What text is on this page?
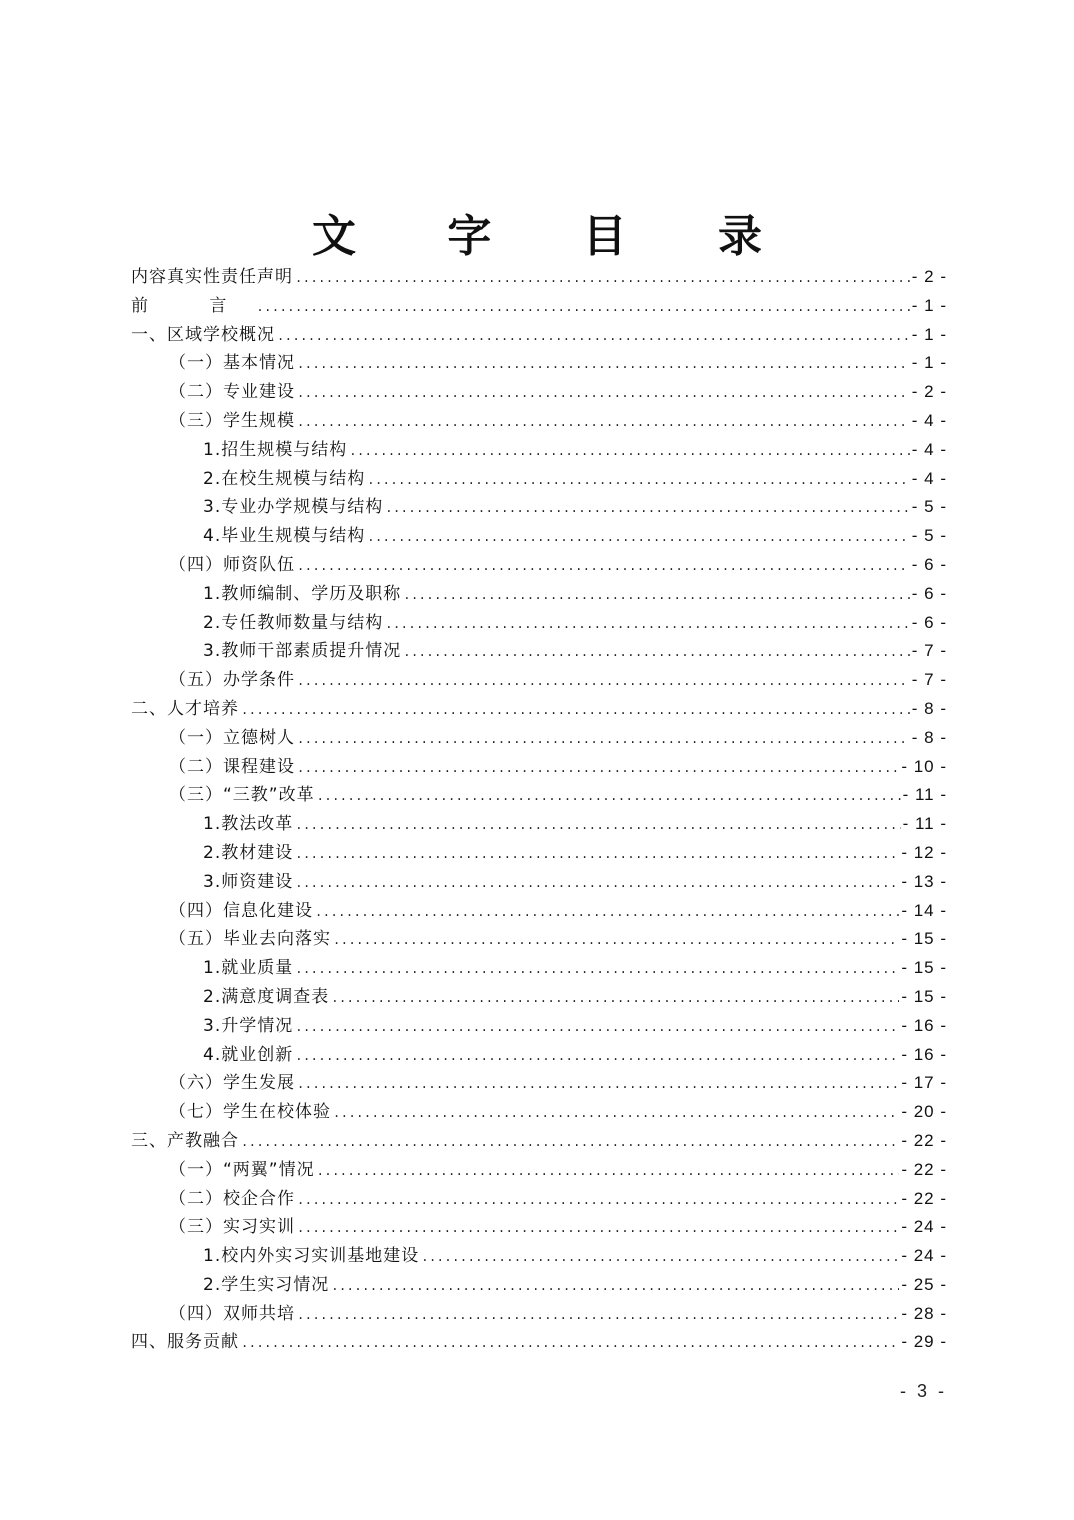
文 字 目 录
内容真实性责任声明 .....	- 2 -
前 言 .....	- 1 -
一、区域学校概况 .....	- 1 -
（一）基本情况 .....	- 1 -
（二）专业建设 .....	- 2 -
（三）学生规模 .....	- 4 -
1.招生规模与结构 .....	- 4 -
2.在校生规模与结构 .....	- 4 -
3.专业办学规模与结构 .....	- 5 -
4.毕业生规模与结构 .....	- 5 -
（四）师资队伍 .....	- 6 -
1.教师编制、学历及职称 .....	- 6 -
2.专任教师数量与结构 .....	- 6 -
3.教师干部素质提升情况 .....	- 7 -
（五）办学条件 .....	- 7 -
二、人才培养 .....	- 8 -
（一）立德树人 .....	- 8 -
（二）课程建设 .....	- 10 -
（三）“三教”改革 .....	- 11 -
1.教法改革 .....	- 11 -
2.教材建设 .....	- 12 -
3.师资建设 .....	- 13 -
（四）信息化建设 .....	- 14 -
（五）毕业去向落实 .....	- 15 -
1.就业质量 .....	- 15 -
2.满意度调查表 .....	- 15 -
3.升学情况 .....	- 16 -
4.就业创新 .....	- 16 -
（六）学生发展 .....	- 17 -
（七）学生在校体验 .....	- 20 -
三、产教融合 .....	- 22 -
（一）“两翼”情况 .....	- 22 -
（二）校企合作 .....	- 22 -
（三）实习实训 .....	- 24 -
1.校内外实习实训基地建设 .....	- 24 -
2.学生实习情况 .....	- 25 -
（四）双师共培 .....	- 28 -
四、服务贡献 .....	- 29 -
- 3 -
